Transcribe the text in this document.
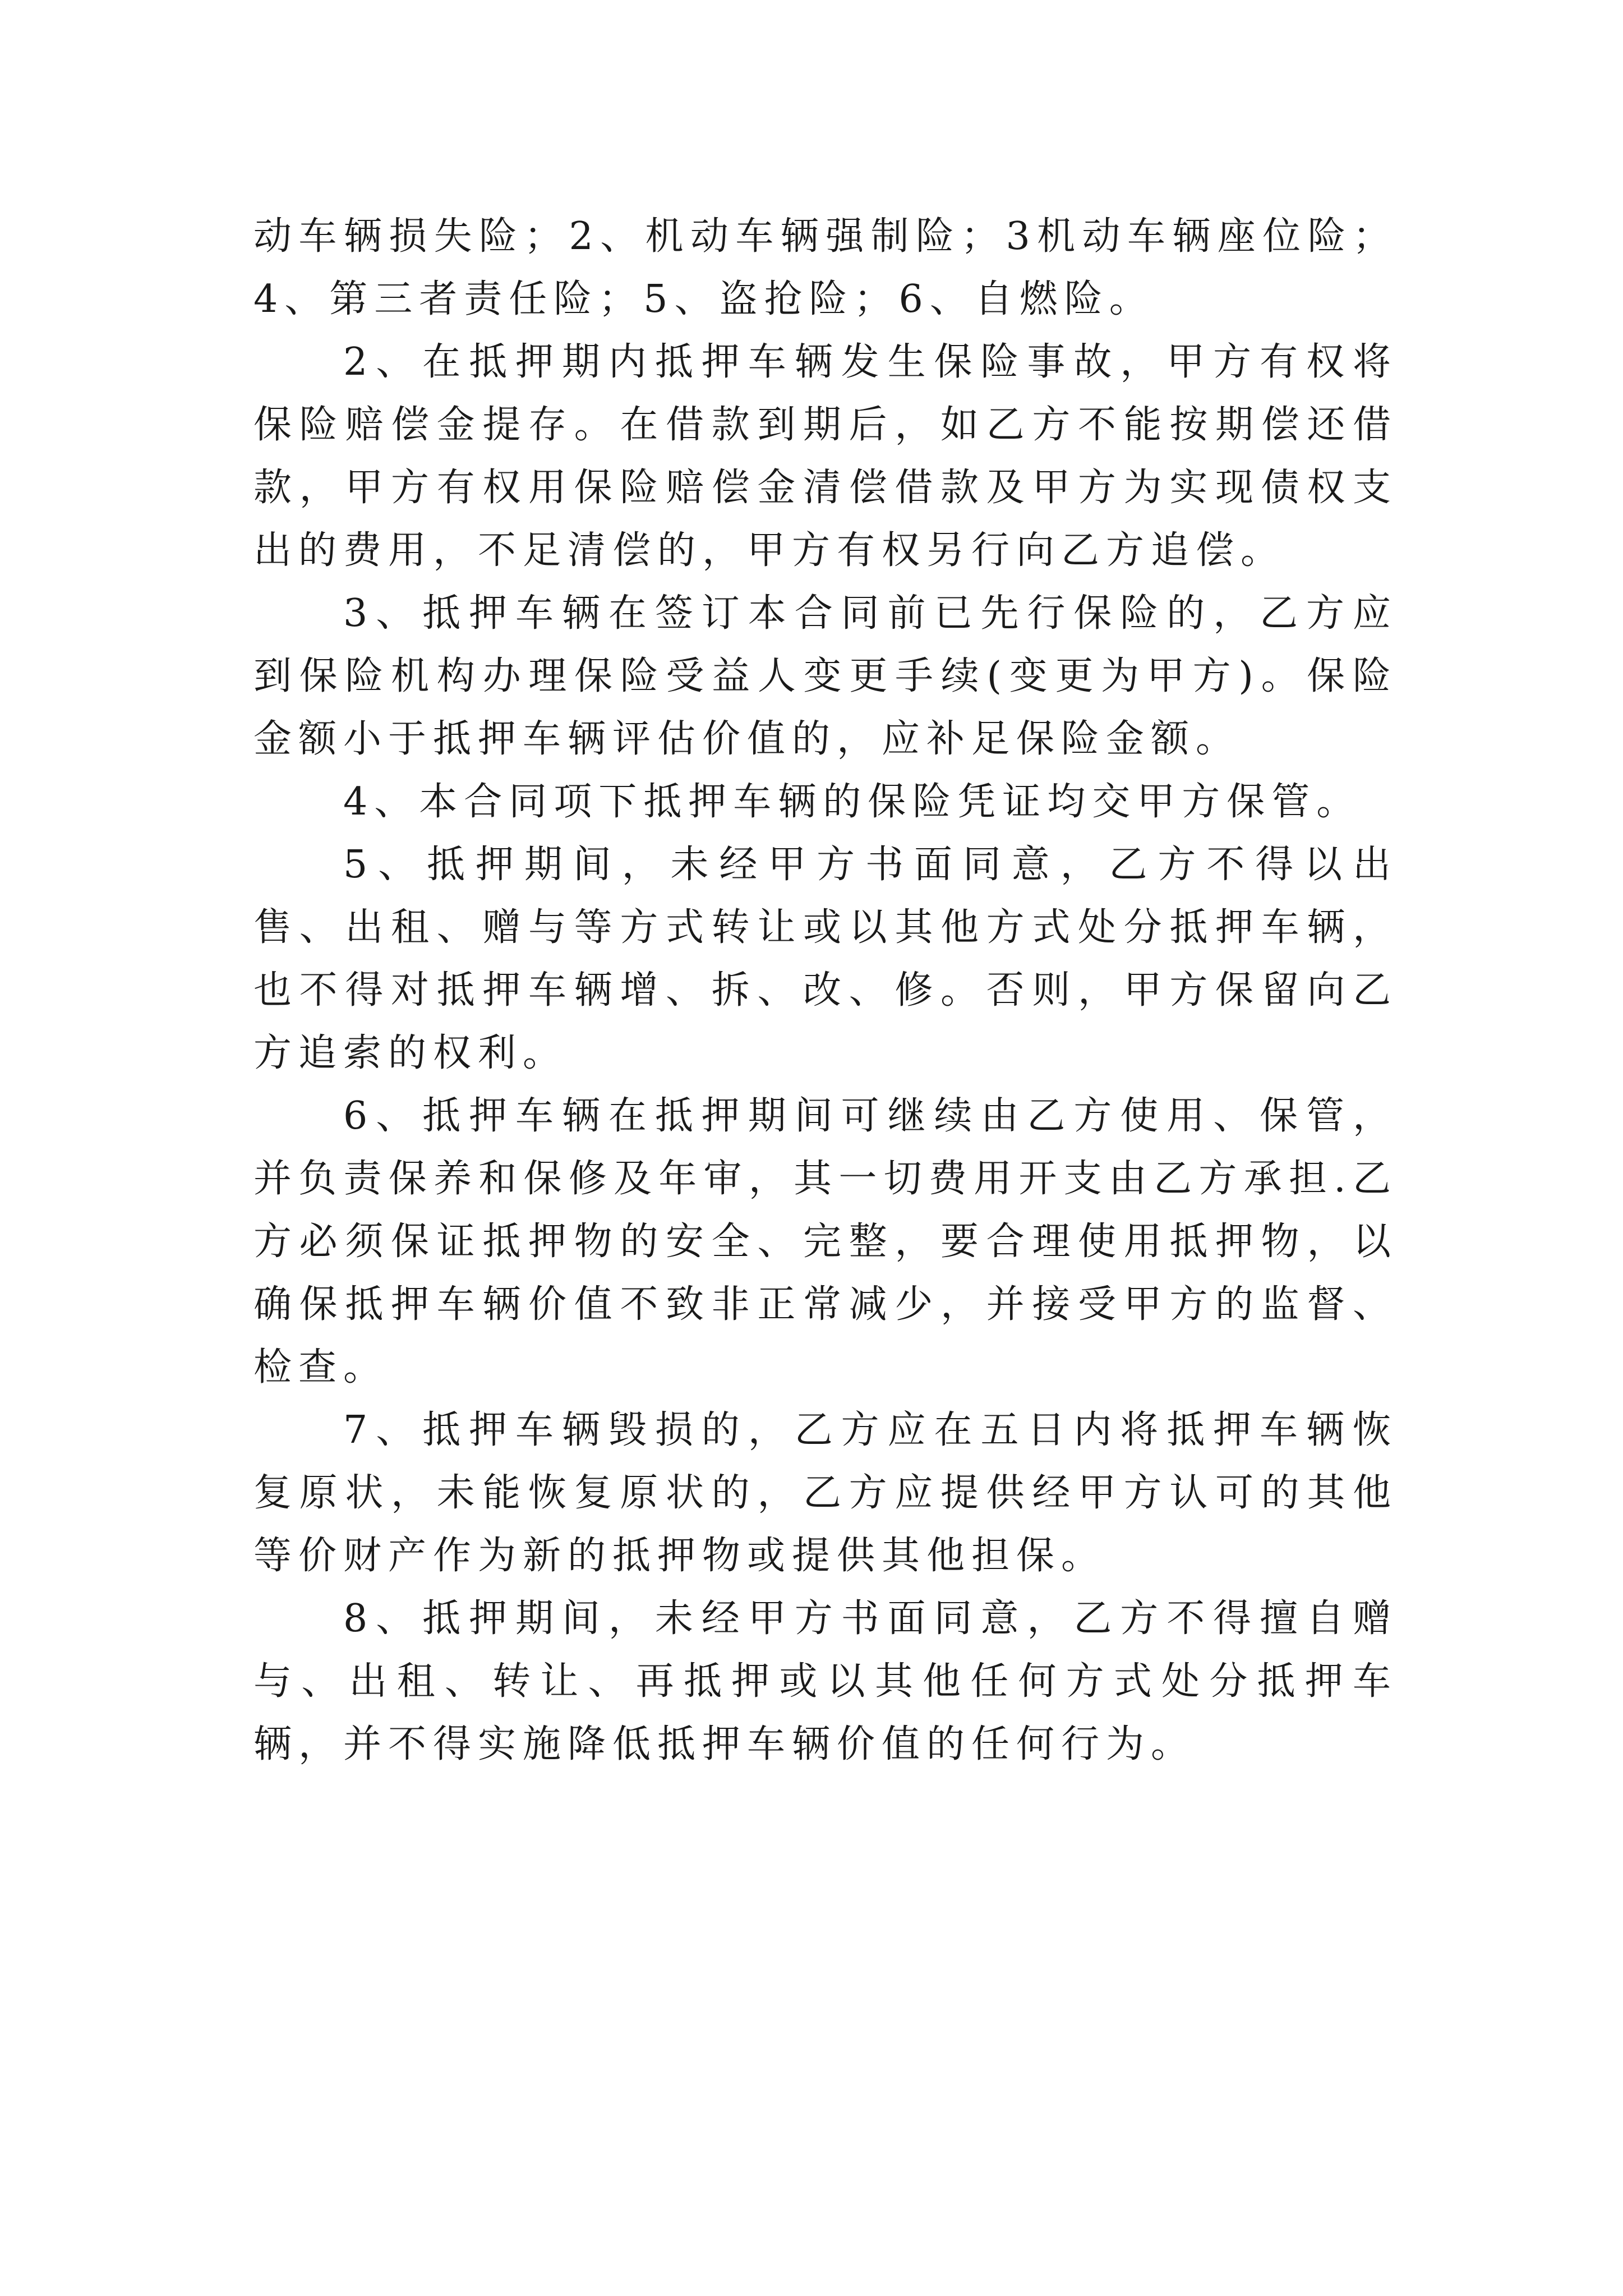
动车辆损失险；2、机动车辆强制险；3机动车辆座位险；4、第三者责任险；5、盗抢险；6、自燃险。

2、在抵押期内抵押车辆发生保险事故，甲方有权将保险赔偿金提存。在借款到期后，如乙方不能按期偿还借款，甲方有权用保险赔偿金清偿借款及甲方为实现债权支出的费用，不足清偿的，甲方有权另行向乙方追偿。

3、抵押车辆在签订本合同前已先行保险的，乙方应到保险机构办理保险受益人变更手续(变更为甲方)。保险金额小于抵押车辆评估价值的，应补足保险金额。

4、本合同项下抵押车辆的保险凭证均交甲方保管。

5、抵押期间，未经甲方书面同意，乙方不得以出售、出租、赠与等方式转让或以其他方式处分抵押车辆，也不得对抵押车辆增、拆、改、修。否则，甲方保留向乙方追索的权利。

6、抵押车辆在抵押期间可继续由乙方使用、保管，并负责保养和保修及年审，其一切费用开支由乙方承担.乙方必须保证抵押物的安全、完整，要合理使用抵押物，以确保抵押车辆价值不致非正常减少，并接受甲方的监督、检查。

7、抵押车辆毁损的，乙方应在五日内将抵押车辆恢复原状，未能恢复原状的，乙方应提供经甲方认可的其他等价财产作为新的抵押物或提供其他担保。

8、抵押期间，未经甲方书面同意，乙方不得擅自赠与、出租、转让、再抵押或以其他任何方式处分抵押车辆，并不得实施降低抵押车辆价值的任何行为。
